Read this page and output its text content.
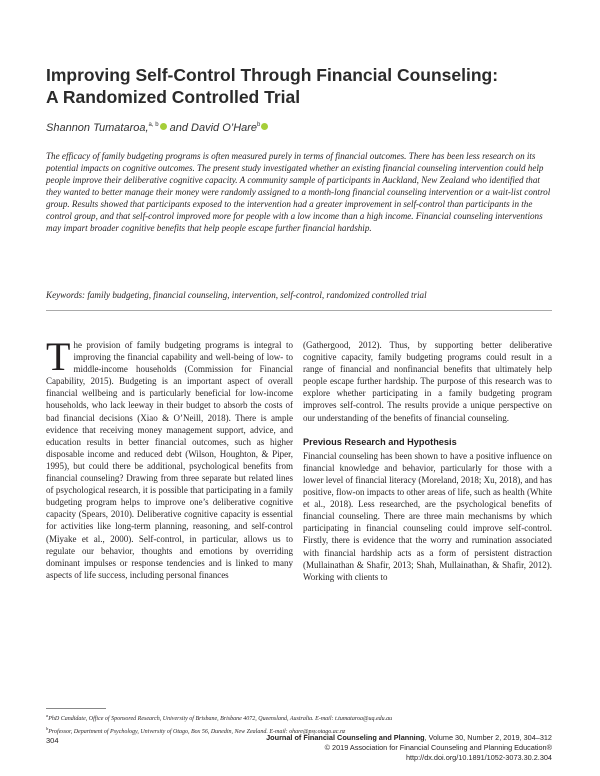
Improving Self-Control Through Financial Counseling:
A Randomized Controlled Trial
Shannon Tumataroa,$^{a, b}$ and David O’Hare$^b$

The efficacy of family budgeting programs is often measured purely in terms of financial outcomes. There has been less research on its potential impacts on cognitive outcomes. The present study investigated whether an existing financial counseling intervention could help people improve their deliberative cognitive capacity. A community sample of participants in Auckland, New Zealand who identified that they wanted to better manage their money were randomly assigned to a month-long financial counseling intervention or a wait-list control group. Results showed that participants exposed to the intervention had a greater improvement in self-control than participants in the control group, and that self-control improved more for people with a low income than a high income. Financial counseling interventions may impart broader cognitive benefits that help people escape further financial hardship.

Keywords: family budgeting, financial counseling, intervention, self-control, randomized controlled trial

The provision of family budgeting programs is integral to improving the financial capability and well-being of low- to middle-income households (Commission for Financial Capability, 2015). Budgeting is an important aspect of overall financial wellbeing and is particularly beneficial for low-income households, who lack leeway in their budget to absorb the costs of bad financial decisions (Xiao & O’Neill, 2018). There is ample evidence that receiving money management support, advice, and education results in better financial outcomes, such as higher disposable income and reduced debt (Wilson, Houghton, & Piper, 1995), but could there be additional, psychological benefits from financial counseling? Drawing from three separate but related lines of psychological research, it is possible that participating in a family budgeting program helps to improve one’s deliberative cognitive capacity (Spears, 2010). Deliberative cognitive capacity is essential for activities like long-term planning, reasoning, and self-control (Miyake et al., 2000). Self-control, in particular, allows us to regulate our behavior, thoughts and emotions by overriding dominant impulses or response tendencies and is linked to many aspects of life success, including personal finances

(Gathergood, 2012). Thus, by supporting better deliberative cognitive capacity, family budgeting programs could result in a range of financial and nonfinancial benefits that ultimately help people escape further hardship. The purpose of this research was to explore whether participating in a family budgeting program improves self-control. The results provide a unique perspective on our understanding of the benefits of financial counseling.

Previous Research and Hypothesis

Financial counseling has been shown to have a positive influence on financial knowledge and behavior, particularly for those with a lower level of financial literacy (Moreland, 2018; Xu, 2018), and has positive, flow-on impacts to other areas of life, such as health (White et al., 2018). Less researched, are the psychological benefits of financial counseling. There are three main mechanisms by which participating in financial counseling could improve self-control. Firstly, there is evidence that the worry and rumination associated with financial hardship acts as a form of persistent distraction (Mullainathan & Shafir, 2013; Shah, Mullainathan, & Shafir, 2012). Working with clients to

$^a$PhD Candidate, Office of Sponsored Research, University of Brisbane, Brisbane 4072, Queensland, Australia. E-mail: t.tumataroa@uq.edu.au
$^b$Professor, Department of Psychology, University of Otago, Box 56, Dunedin, New Zealand. E-mail: ohare@psy.otago.ac.nz
304	Journal of Financial Counseling and Planning, Volume 30, Number 2, 2019, 304–312
© 2019 Association for Financial Counseling and Planning Education®
http://dx.doi.org/10.1891/1052-3073.30.2.304
